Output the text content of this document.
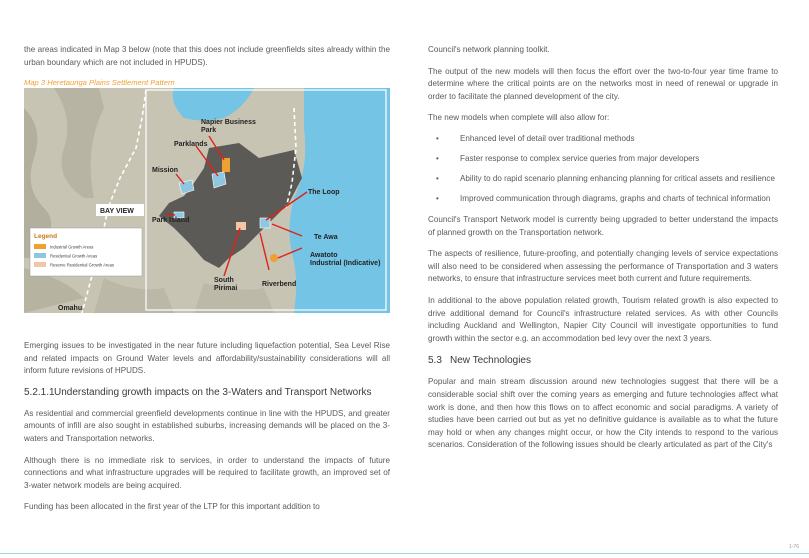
the areas indicated in Map 3 below (note that this does not include greenfields sites already within the urban boundary which are not included in HPUDS).

Map 3 Heretaunga Plains Settlement Pattern

Napier Business Park
Parklands
Mission
BAY VIEW
Park Island
The Loop
Te Awa
Awatoto Industrial (Indicative)
South Pirimai
Riverbend
Omahu
Legend
Industrial Growth Areas
Residential Growth Areas
Reserve Residential Growth Areas

Emerging issues to be investigated in the near future including liquefaction potential, Sea Level Rise and related impacts on Ground Water levels and affordability/sustainability considerations will all inform future revisions of HPUDS.

5.2.1.1Understanding growth impacts on the 3-Waters and Transport Networks

As residential and commercial greenfield developments continue in line with the HPUDS, and greater amounts of infill are also sought in established suburbs, increasing demands will be placed on the 3-waters and Transportation networks.

Although there is no immediate risk to services, in order to understand the impacts of future connections and what infrastructure upgrades will be required to facilitate growth, an improved set of 3-water network models are being acquired.

Funding has been allocated in the first year of the LTP for this important addition to

Council's network planning toolkit.

The output of the new models will then focus the effort over the two-to-four year time frame to determine where the critical points are on the networks most in need of renewal or upgrade in order to facilitate the planned development of the city.

The new models when complete will also allow for:

•	Enhanced level of detail over traditional methods
•	Faster response to complex service queries from major developers
•	Ability to do rapid scenario planning enhancing planning for critical assets and resilience
•	Improved communication through diagrams, graphs and charts of technical information

Council's Transport Network model is currently being upgraded to better understand the impacts of planned growth on the Transportation network.

The aspects of resilience, future-proofing, and potentially changing levels of service expectations will also need to be considered when assessing the performance of Transportation and 3 waters networks, to ensure that infrastructure services meet both current and future requirements.

In additional to the above population related growth, Tourism related growth is also expected to drive additional demand for Council's infrastructure related services. As with other Councils including Auckland and Wellington, Napier City Council will investigate opportunities to fund growth within the sector e.g. an accommodation bed levy over the next 3 years.

5.3 New Technologies

Popular and main stream discussion around new technologies suggest that there will be a considerable social shift over the coming years as emerging and future technologies affect what work is done, and then how this flows on to affect economic and social paradigms. A variety of studies have been carried out but as yet no definitive guidance is available as to what the future may hold or when any changes might occur, or how the City intends to respond to the various scenarios. Consideration of the following issues should be clearly articulated as part of the City's

1-76
